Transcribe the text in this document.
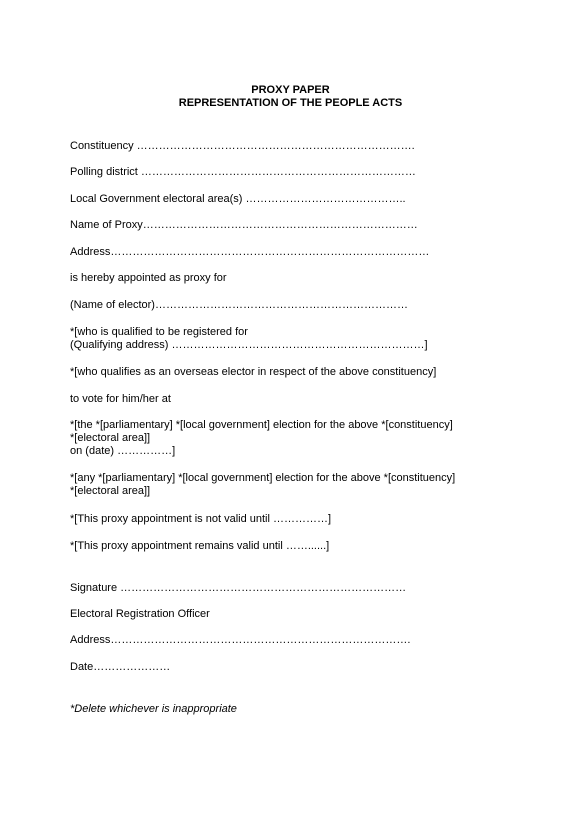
PROXY PAPER
REPRESENTATION OF THE PEOPLE ACTS
Constituency ………………………………………………………………….
Polling district …………………………………………………………………
Local Government electoral area(s) ……………………………………..
Name of Proxy…………………………………………………………………
Address……………………………………………………………………………
is hereby appointed as proxy for
(Name of elector)……………………………………………………………
*[who is qualified to be registered for
(Qualifying address) ……………………………………………………………]
*[who qualifies as an overseas elector in respect of the above constituency]
to vote for him/her at
*[the *[parliamentary] *[local government] election for the above *[constituency]
*[electoral area]]
on (date) ……………]
*[any *[parliamentary] *[local government] election for the above *[constituency]
*[electoral area]]
*[This proxy appointment is not valid until ……………]
*[This proxy appointment remains valid until ……......]
Signature ……………………………………………………………………
Electoral Registration Officer
Address……………………………………………………………………….
Date…………………
*Delete whichever is inappropriate
